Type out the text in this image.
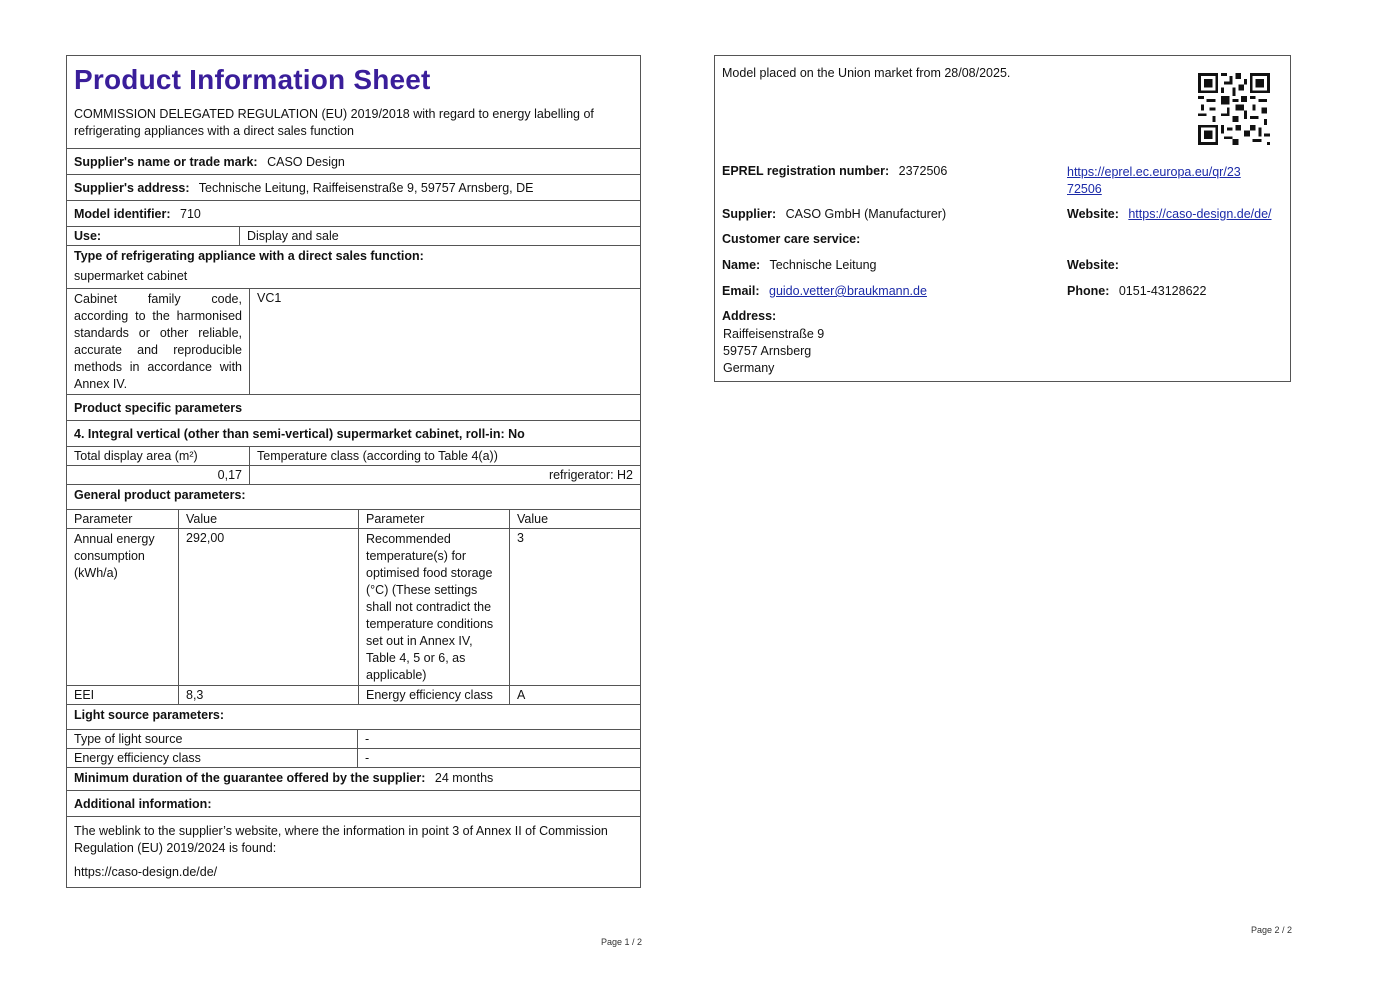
Product Information Sheet
COMMISSION DELEGATED REGULATION (EU) 2019/2018 with regard to energy labelling of refrigerating appliances with a direct sales function
Supplier's name or trade mark: CASO Design
Supplier's address: Technische Leitung, Raiffeisenstraße 9, 59757 Arnsberg, DE
Model identifier: 710
Use:	Display and sale
Type of refrigerating appliance with a direct sales function:
supermarket cabinet
Cabinet family code, according to the harmonised standards or other reliable, accurate and reproducible methods in accordance with Annex IV.	VC1
Product specific parameters
4. Integral vertical (other than semi-vertical) supermarket cabinet, roll-in: No
Total display area (m²)	Temperature class (according to Table 4(a))
0,17	refrigerator: H2
General product parameters:
Parameter	Value	Parameter	Value
Annual energy consumption (kWh/a)	292,00	Recommended temperature(s) for optimised food storage (°C) (These settings shall not contradict the temperature conditions set out in Annex IV, Table 4, 5 or 6, as applicable)	3
EEI	8,3	Energy efficiency class	A
Light source parameters:
Type of light source	-
Energy efficiency class	-
Minimum duration of the guarantee offered by the supplier: 24 months
Additional information:
The weblink to the supplier’s website, where the information in point 3 of Annex II of Commission Regulation (EU) 2019/2024 is found:
https://caso-design.de/de/
Page 1 / 2
Model placed on the Union market from 28/08/2025.
EPREL registration number: 2372506	https://eprel.ec.europa.eu/qr/23
72506
Supplier: CASO GmbH (Manufacturer)	Website: https://caso-design.de/de/
Customer care service:
Name: Technische Leitung	Website:
Email: guido.vetter@braukmann.de	Phone: 0151-43128622
Address:
Raiffeisenstraße 9
59757 Arnsberg
Germany
Page 2 / 2
